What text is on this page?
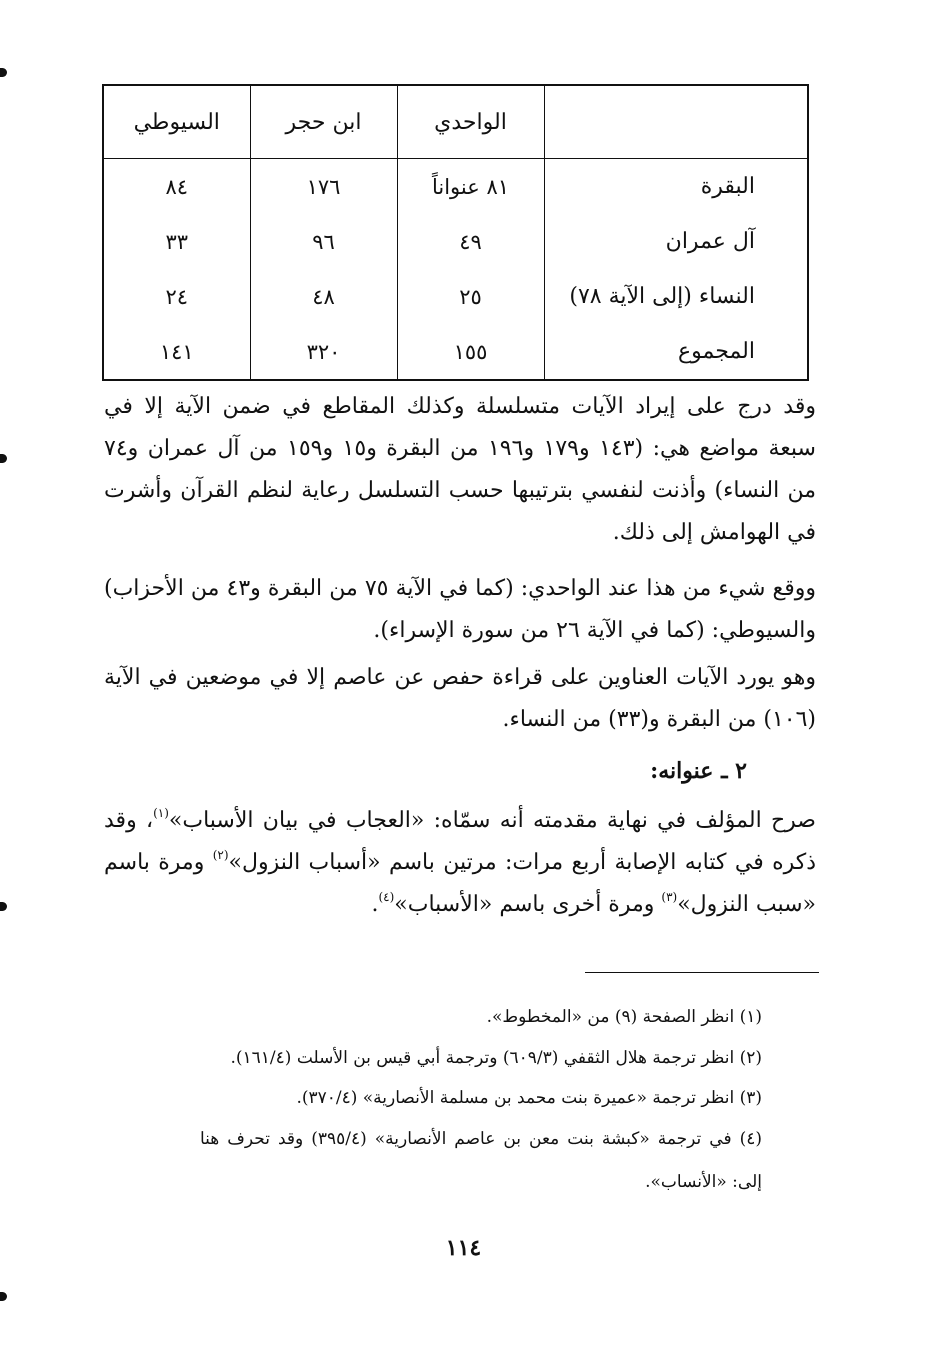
	الواحدي	ابن حجر	السيوطي
البقرة	٨١ عنواناً	١٧٦	٨٤
آل عمران	٤٩	٩٦	٣٣
النساء (إلى الآية ٧٨)	٢٥	٤٨	٢٤
المجموع	١٥٥	٣٢٠	١٤١

وقد درج على إيراد الآيات متسلسلة وكذلك المقاطع في ضمن الآية إلا في سبعة مواضع هي: (١٤٣ و١٧٩ و١٩٦ من البقرة و١٥ و١٥٩ من آل عمران و٧٤ من النساء) وأذنت لنفسي بترتيبها حسب التسلسل رعاية لنظم القرآن وأشرت في الهوامش إلى ذلك.

ووقع شيء من هذا عند الواحدي: (كما في الآية ٧٥ من البقرة و٤٣ من الأحزاب) والسيوطي: (كما في الآية ٢٦ من سورة الإسراء).

وهو يورد الآيات العناوين على قراءة حفص عن عاصم إلا في موضعين في الآية (١٠٦) من البقرة و(٣٣) من النساء.

٢ ـ عنوانه:

صرح المؤلف في نهاية مقدمته أنه سمّاه: «العجاب في بيان الأسباب»$^{(١)}$، وقد ذكره في كتابه الإصابة أربع مرات: مرتين باسم «أسباب النزول»$^{(٢)}$ ومرة باسم «سبب النزول»$^{(٣)}$ ومرة أخرى باسم «الأسباب»$^{(٤)}$.

(١) انظر الصفحة (٩) من «المخطوط».

(٢) انظر ترجمة هلال الثقفي (٦٠٩/٣) وترجمة أبي قيس بن الأسلت (١٦١/٤).

(٣) انظر ترجمة «عميرة بنت محمد بن مسلمة الأنصارية» (٣٧٠/٤).

(٤) في ترجمة «كبشة بنت معن بن عاصم الأنصارية» (٣٩٥/٤) وقد تحرف هنا إلى: «الأنساب».

١١٤
